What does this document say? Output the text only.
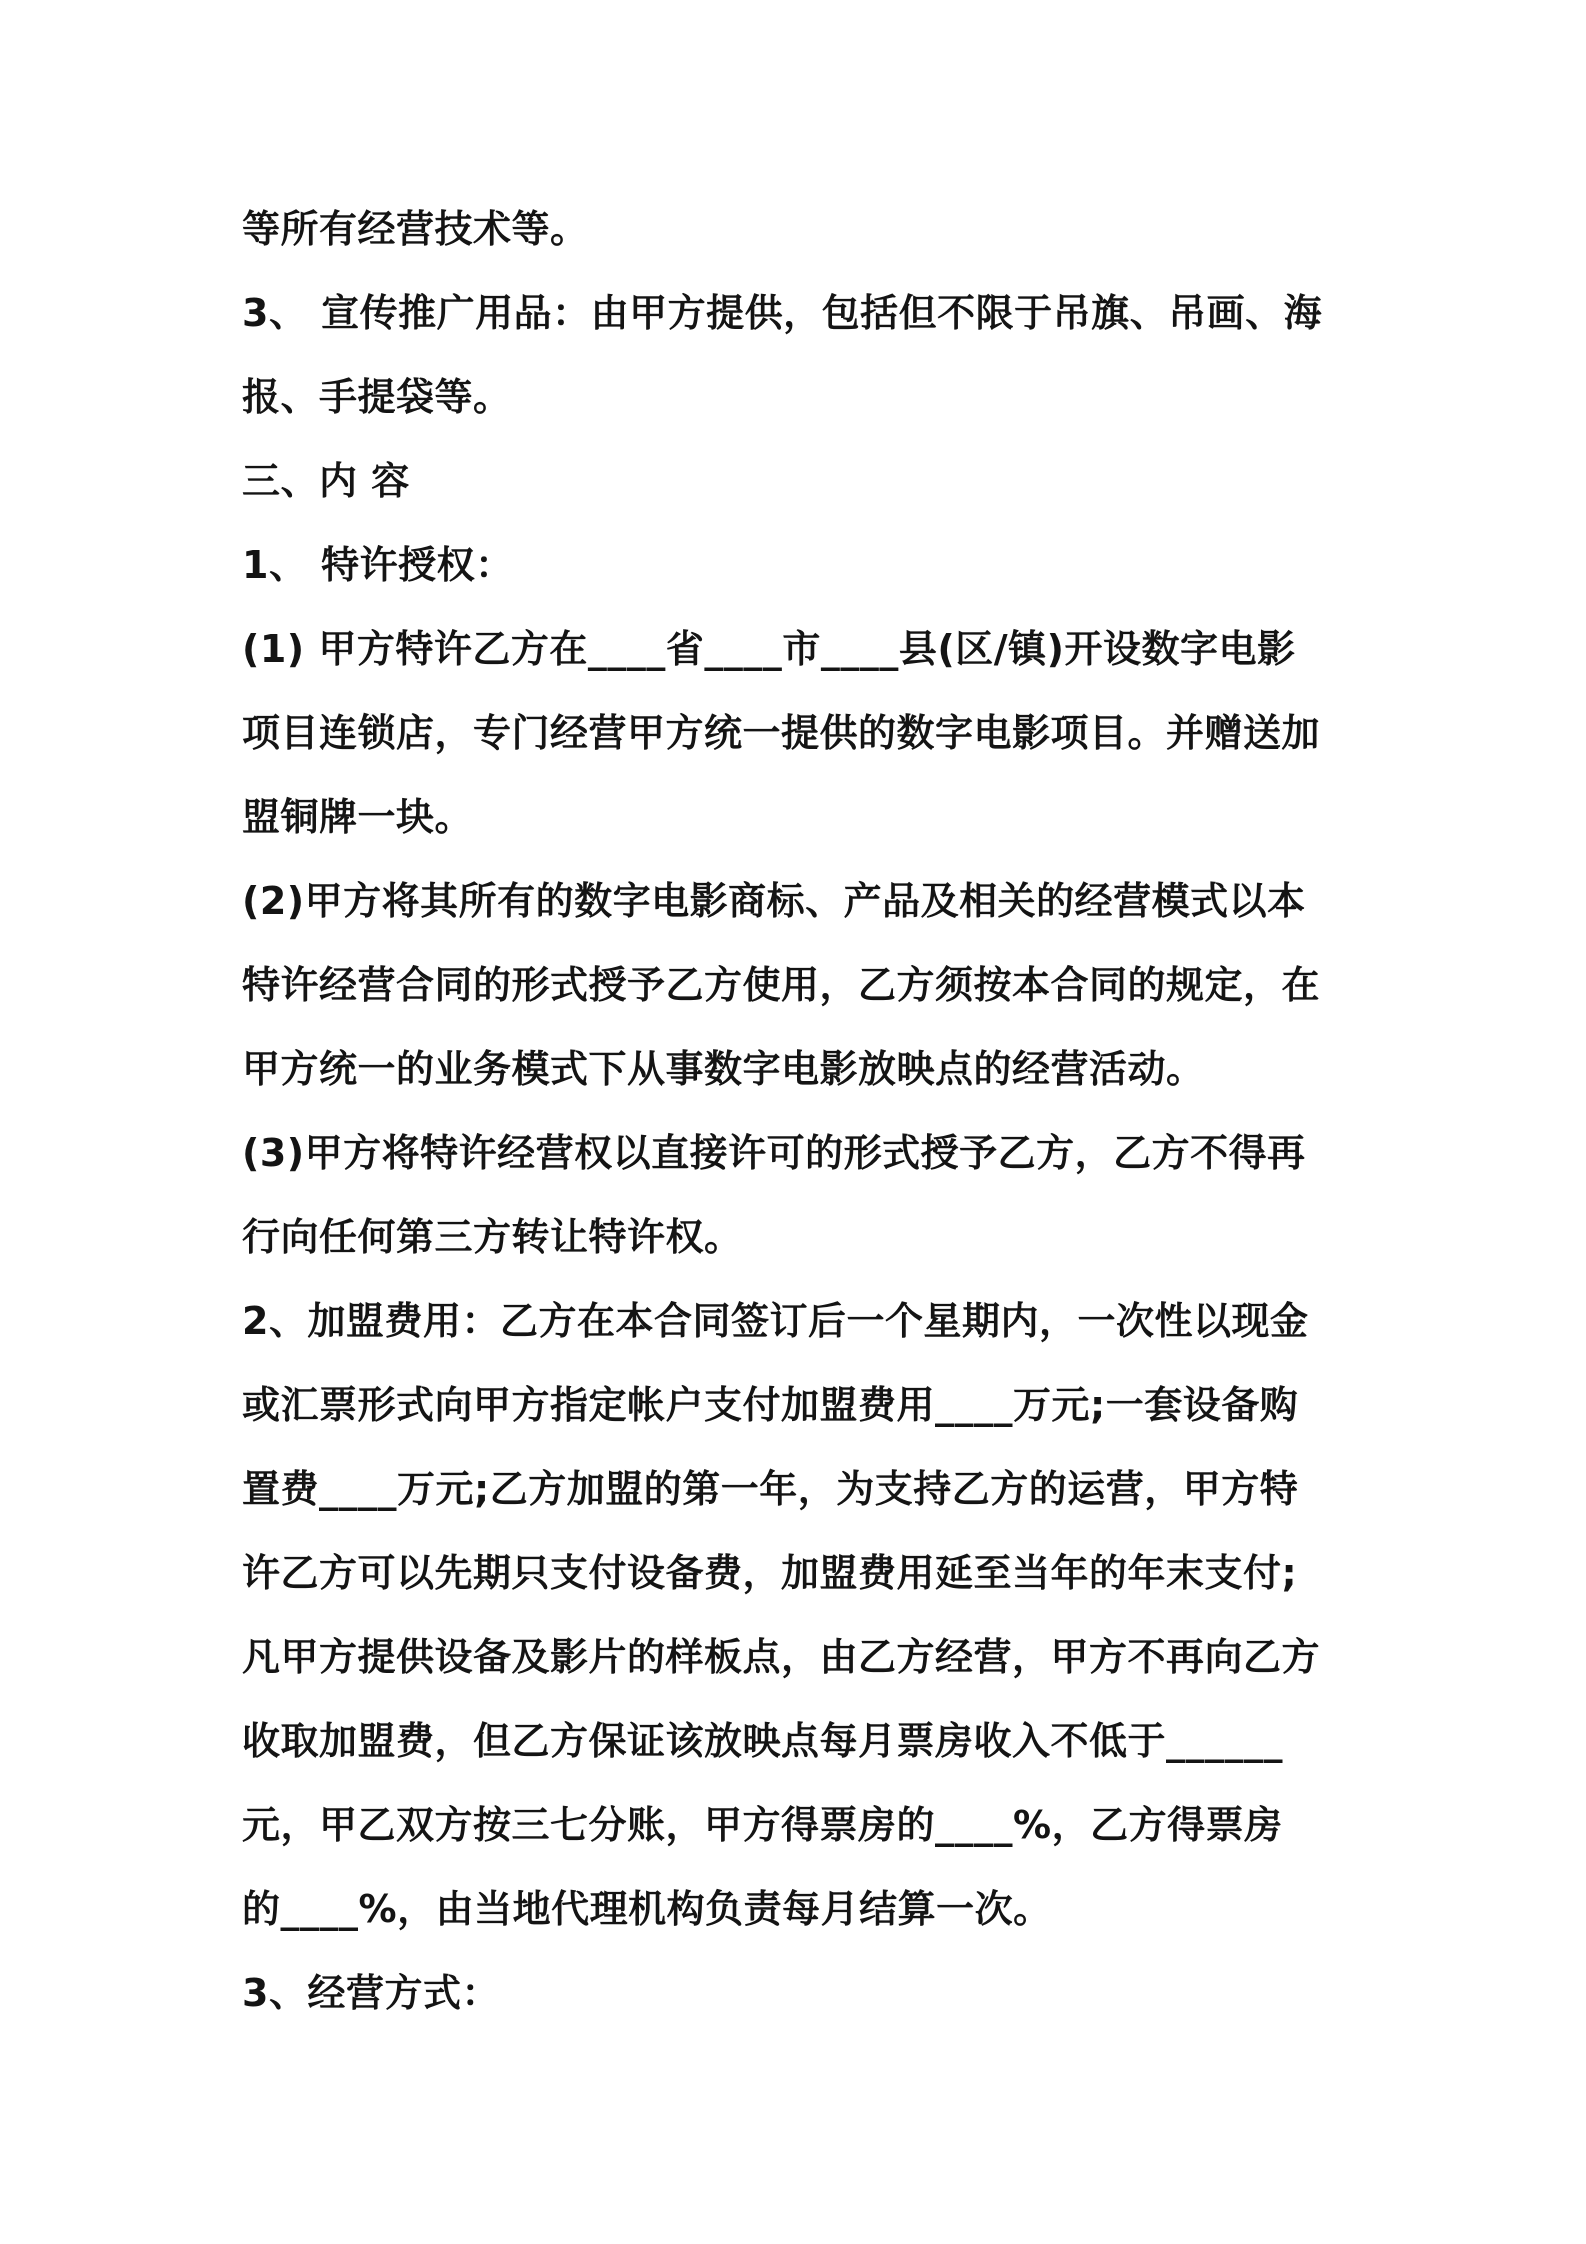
等所有经营技术等。
3、 宣传推广用品：由甲方提供，包括但不限于吊旗、吊画、海
报、手提袋等。
三、内 容
1、 特许授权：
(1) 甲方特许乙方在____省____市____县(区/镇)开设数字电影
项目连锁店，专门经营甲方统一提供的数字电影项目。并赠送加
盟铜牌一块。
(2)甲方将其所有的数字电影商标、产品及相关的经营模式以本
特许经营合同的形式授予乙方使用，乙方须按本合同的规定，在
甲方统一的业务模式下从事数字电影放映点的经营活动。
(3)甲方将特许经营权以直接许可的形式授予乙方，乙方不得再
行向任何第三方转让特许权。
2、加盟费用：乙方在本合同签订后一个星期内，一次性以现金
或汇票形式向甲方指定帐户支付加盟费用____万元;一套设备购
置费____万元;乙方加盟的第一年，为支持乙方的运营，甲方特
许乙方可以先期只支付设备费，加盟费用延至当年的年末支付;
凡甲方提供设备及影片的样板点，由乙方经营，甲方不再向乙方
收取加盟费，但乙方保证该放映点每月票房收入不低于______
元，甲乙双方按三七分账，甲方得票房的____%，乙方得票房
的____%，由当地代理机构负责每月结算一次。
3、经营方式：
